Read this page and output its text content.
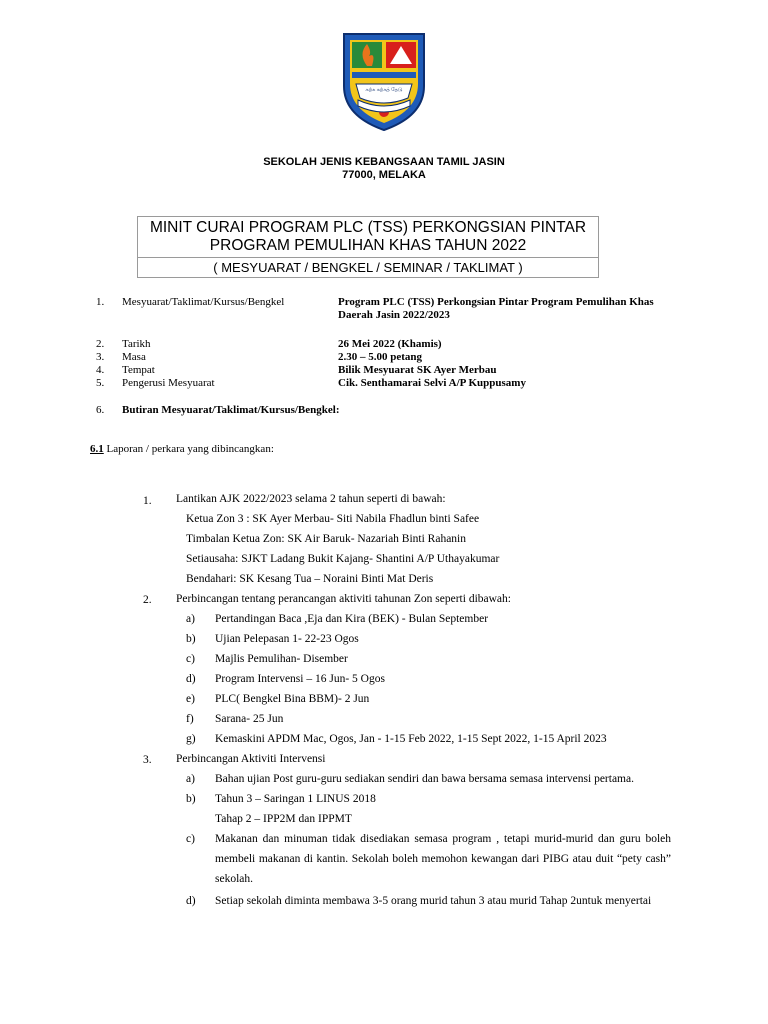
கற்க கற்கத் தேடு
SEKOLAH JENIS KEBANGSAAN TAMIL JASIN
77000, MELAKA
MINIT CURAI PROGRAM PLC (TSS) PERKONGSIAN PINTAR
PROGRAM PEMULIHAN KHAS TAHUN 2022
( MESYUARAT / BENGKEL / SEMINAR / TAKLIMAT )
1. Mesyuarat/Taklimat/Kursus/Bengkel	Program PLC (TSS) Perkongsian Pintar Program Pemulihan Khas Daerah Jasin 2022/2023
2. Tarikh	26 Mei 2022 (Khamis)
3. Masa	2.30 – 5.00 petang
4. Tempat	Bilik Mesyuarat SK Ayer Merbau
5. Pengerusi Mesyuarat	Cik. Senthamarai Selvi A/P Kuppusamy
6. Butiran Mesyuarat/Taklimat/Kursus/Bengkel:
6.1 Laporan / perkara yang dibincangkan:
1. Lantikan AJK 2022/2023 selama 2 tahun seperti di bawah:
Ketua Zon 3 : SK Ayer Merbau- Siti Nabila Fhadlun binti Safee
Timbalan Ketua Zon: SK Air Baruk- Nazariah Binti Rahanin
Setiausaha: SJKT Ladang Bukit Kajang- Shantini A/P Uthayakumar
Bendahari: SK Kesang Tua – Noraini Binti Mat Deris
2. Perbincangan tentang perancangan aktiviti tahunan Zon seperti dibawah:
a) Pertandingan Baca ,Eja dan Kira (BEK) - Bulan September
b) Ujian Pelepasan 1- 22-23 Ogos
c) Majlis Pemulihan- Disember
d) Program Intervensi – 16 Jun- 5 Ogos
e) PLC( Bengkel Bina BBM)- 2 Jun
f) Sarana- 25 Jun
g) Kemaskini APDM Mac, Ogos, Jan - 1-15 Feb 2022, 1-15 Sept 2022, 1-15 April 2023
3. Perbincangan Aktiviti Intervensi
a) Bahan ujian Post guru-guru sediakan sendiri dan bawa bersama semasa intervensi pertama.
b) Tahun 3 – Saringan 1 LINUS 2018
Tahap 2 – IPP2M dan IPPMT
c) Makanan dan minuman tidak disediakan semasa program , tetapi murid-murid dan guru boleh membeli makanan di kantin. Sekolah boleh memohon kewangan dari PIBG atau duit “pety cash” sekolah.
d) Setiap sekolah diminta membawa 3-5 orang murid tahun 3 atau murid Tahap 2untuk menyertai
